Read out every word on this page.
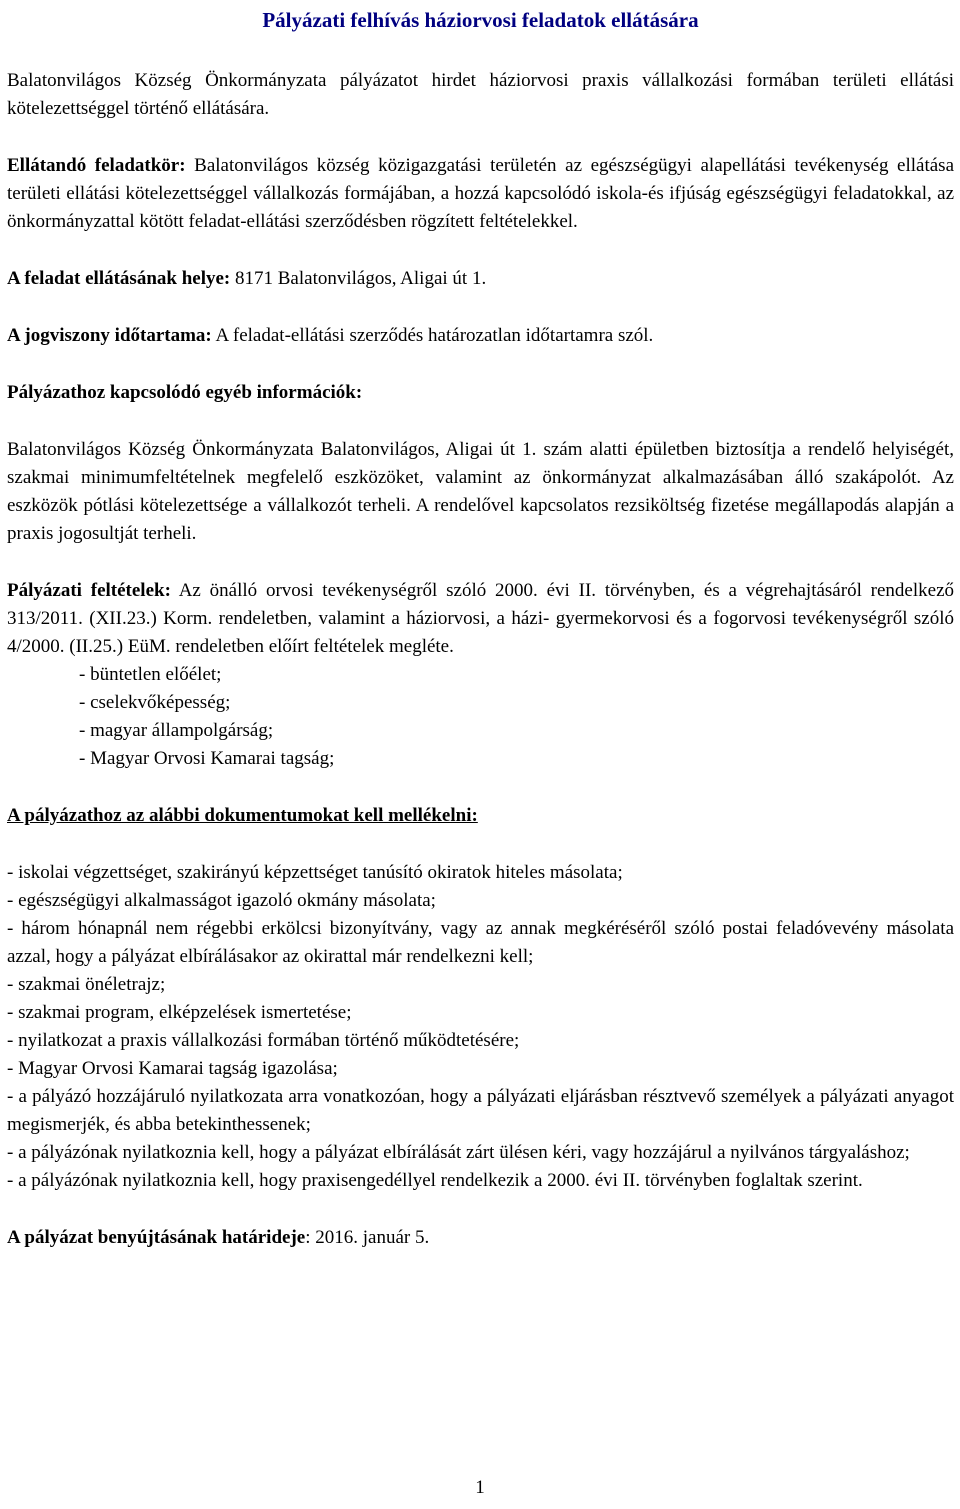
Pályázati felhívás háziorvosi feladatok ellátására

Balatonvilágos Község Önkormányzata pályázatot hirdet háziorvosi praxis vállalkozási formában területi ellátási kötelezettséggel történő ellátására.

Ellátandó feladatkör: Balatonvilágos község közigazgatási területén az egészségügyi alapellátási tevékenység ellátása területi ellátási kötelezettséggel vállalkozás formájában, a hozzá kapcsolódó iskola-és ifjúság egészségügyi feladatokkal, az önkormányzattal kötött feladat-ellátási szerződésben rögzített feltételekkel.

A feladat ellátásának helye: 8171 Balatonvilágos, Aligai út 1.

A jogviszony időtartama: A feladat-ellátási szerződés határozatlan időtartamra szól.

Pályázathoz kapcsolódó egyéb információk:

Balatonvilágos Község Önkormányzata Balatonvilágos, Aligai út 1. szám alatti épületben biztosítja a rendelő helyiségét, szakmai minimumfeltételnek megfelelő eszközöket, valamint az önkormányzat alkalmazásában álló szakápolót. Az eszközök pótlási kötelezettsége a vállalkozót terheli. A rendelővel kapcsolatos rezsiköltség fizetése megállapodás alapján a praxis jogosultját terheli.

Pályázati feltételek: Az önálló orvosi tevékenységről szóló 2000. évi II. törvényben, és a végrehajtásáról rendelkező 313/2011. (XII.23.) Korm. rendeletben, valamint a háziorvosi, a házi- gyermekorvosi és a fogorvosi tevékenységről szóló 4/2000. (II.25.) EüM. rendeletben előírt feltételek megléte.

- büntetlen előélet;

- cselekvőképesség;

- magyar állampolgárság;

- Magyar Orvosi Kamarai tagság;

A pályázathoz az alábbi dokumentumokat kell mellékelni:

- iskolai végzettséget, szakirányú képzettséget tanúsító okiratok hiteles másolata;

- egészségügyi alkalmasságot igazoló okmány másolata;

- három hónapnál nem régebbi erkölcsi bizonyítvány, vagy az annak megkéréséről szóló postai feladóvevény másolata azzal, hogy a pályázat elbírálásakor az okirattal már rendelkezni kell;

- szakmai önéletrajz;

- szakmai program, elképzelések ismertetése;

- nyilatkozat a praxis vállalkozási formában történő működtetésére;

- Magyar Orvosi Kamarai tagság igazolása;

- a pályázó hozzájáruló nyilatkozata arra vonatkozóan, hogy a pályázati eljárásban résztvevő személyek a pályázati anyagot megismerjék, és abba betekinthessenek;

- a pályázónak nyilatkoznia kell, hogy a pályázat elbírálását zárt ülésen kéri, vagy hozzájárul a nyilvános tárgyaláshoz;

- a pályázónak nyilatkoznia kell, hogy praxisengedéllyel rendelkezik a 2000. évi II. törvényben foglaltak szerint.

A pályázat benyújtásának határideje: 2016. január 5.

1
